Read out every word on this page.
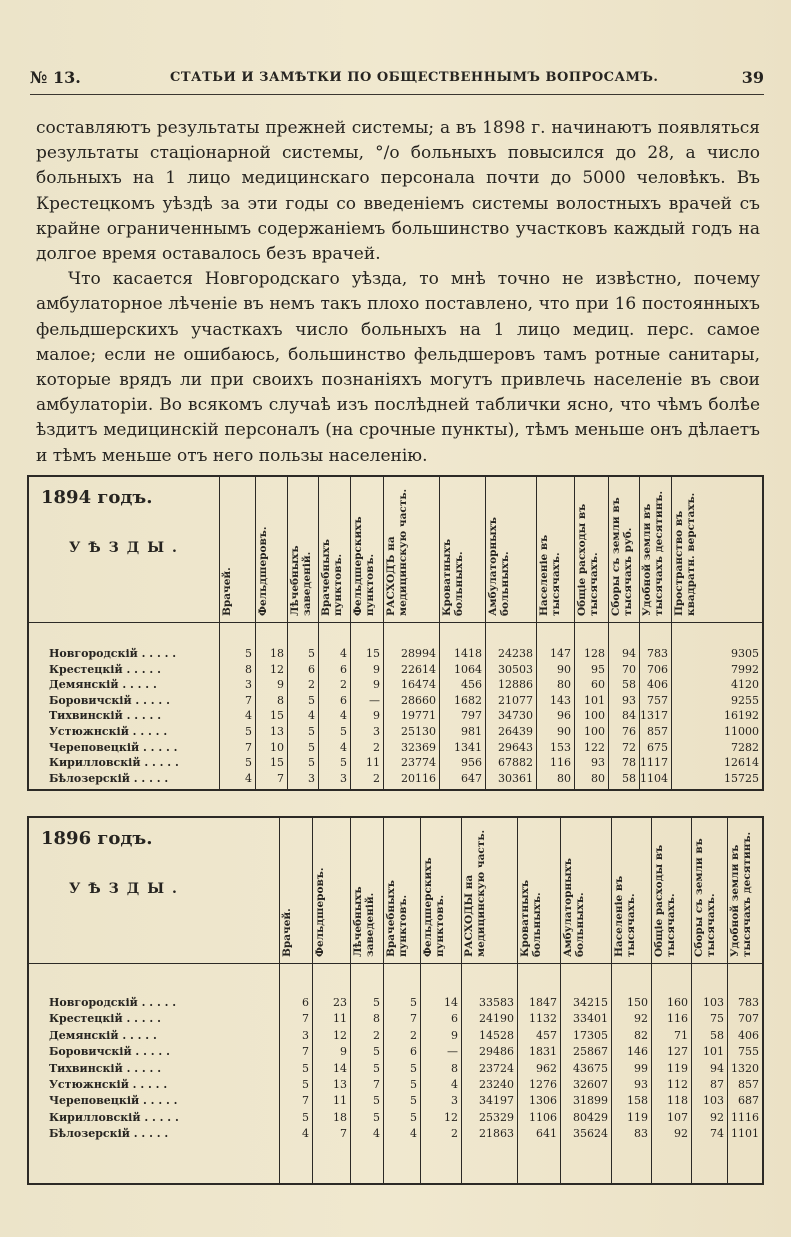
№ 13.	СТАТЬИ И ЗАМѢТКИ ПО ОБЩЕСТВЕННЫМЪ ВОПРОСАМЪ.	39

составляютъ результаты прежней системы; а въ 1898 г. начинаютъ появляться результаты стаціонарной системы, °/о больныхъ повысился до 28, а число больныхъ на 1 лицо медицинскаго персонала почти до 5000 человѣкъ. Въ Крестецкомъ уѣздѣ за эти годы со введеніемъ системы волостныхъ врачей съ крайне ограниченнымъ содержаніемъ большинство участковъ каждый годъ на долгое время оставалось безъ врачей.

Что касается Новгородскаго уѣзда, то мнѣ точно не извѣстно, почему амбулаторное лѣченіе въ немъ такъ плохо поставлено, что при 16 постоянныхъ фельдшерскихъ участкахъ число больныхъ на 1 лицо медиц. перс. самое малое; если не ошибаюсь, большинство фельдшеровъ тамъ ротные санитары, которые врядъ ли при своихъ познаніяхъ могутъ привлечь населеніе въ свои амбулаторіи. Во всякомъ случаѣ изъ послѣдней таблички ясно, что чѣмъ болѣе ѣздитъ медицинскій персоналъ (на срочные пункты), тѣмъ меньше онъ дѣлаетъ и тѣмъ меньше отъ него пользы населенію.

1894 годъ.
УѢЗДЫ.
Врачей.	Фельдшеровъ.	Лѣчебныхъ заведеній. Врачебныхъ пунктовъ. Фельдшерскихъ пунктовъ. РАСХОДЪ на медицинскую часть.	Кроватныхъ больныхъ.	Амбулаторныхъ больныхъ.	Населеніе въ тысячахъ.	Общіе расходы въ тысячахъ. Сборы съ земли въ тысячахъ руб. Удобной земли въ тысячахъ десятинъ. Пространство въ квадратн. верстахъ.
Новгородскій . . . . .	5	18	5	4	15	28994	1418	24238	147	128	94	783	9305
Крестецкій . . . . .	8	12	6	6	9	22614	1064	30503	90	95	70	706	7992
Демянскій . . . . .	3	9	2	2	9	16474	456	12886	80	60	58	406	4120
Боровичскій . . . . .	7	8	5	6	—	28660	1682	21077	143	101	93	757	9255
Тихвинскій . . . . .	4	15	4	4	9	19771	797	34730	96	100	84 1317	16192
Устюжнскій . . . . .	5	13	5	5	3	25130	981	26439	90	100	76	857	11000
Череповецкій . . . . .	7	10	5	4	2	32369	1341	29643	153	122	72	675	7282
Кирилловскій . . . . .	5	15	5	5	11	23774	956	67882	116	93	78 1117	12614
Бѣлозерскій . . . . .	4	7	3	3	2	20116	647	30361	80	80	58 1104	15725
1896 годъ.
УѢЗДЫ.
Врачей.	Фельдшеровъ.	Лѣчебныхъ заведеній. Врачебныхъ пунктовъ.	Фельдшерскихъ пунктовъ.	РАСХОДЫ на медицинскую часть.	Кроватныхъ больныхъ.	Амбулаторныхъ больныхъ.	Населеніе въ тысячахъ.	Общіе расходы въ тысячахъ.	Сборы съ земли въ тысячахъ.	Удобной земли въ тысячахъ десятинъ.
Новгородскій . . . . .	6	23	5	5	14	33583	1847	34215	150	160	103	783
Крестецкій . . . . .	7	11	8	7	6	24190	1132	33401	92	116	75	707
Демянскій . . . . .	3	12	2	2	9	14528	457	17305	82	71	58	406
Боровичскій . . . . .	7	9	5	6	—	29486	1831	25867	146	127	101	755
Тихвинскій . . . . .	5	14	5	5	8	23724	962	43675	99	119	94 1320
Устюжнскій . . . . .	5	13	7	5	4	23240	1276	32607	93	112	87	857
Череповецкій . . . . .	7	11	5	5	3	34197	1306	31899	158	118	103	687
Кирилловскій . . . . .	5	18	5	5	12	25329	1106	80429	119	107	92 1116
Бѣлозерскій . . . . .	4	7	4	4	2	21863	641	35624	83	92	74 1101
